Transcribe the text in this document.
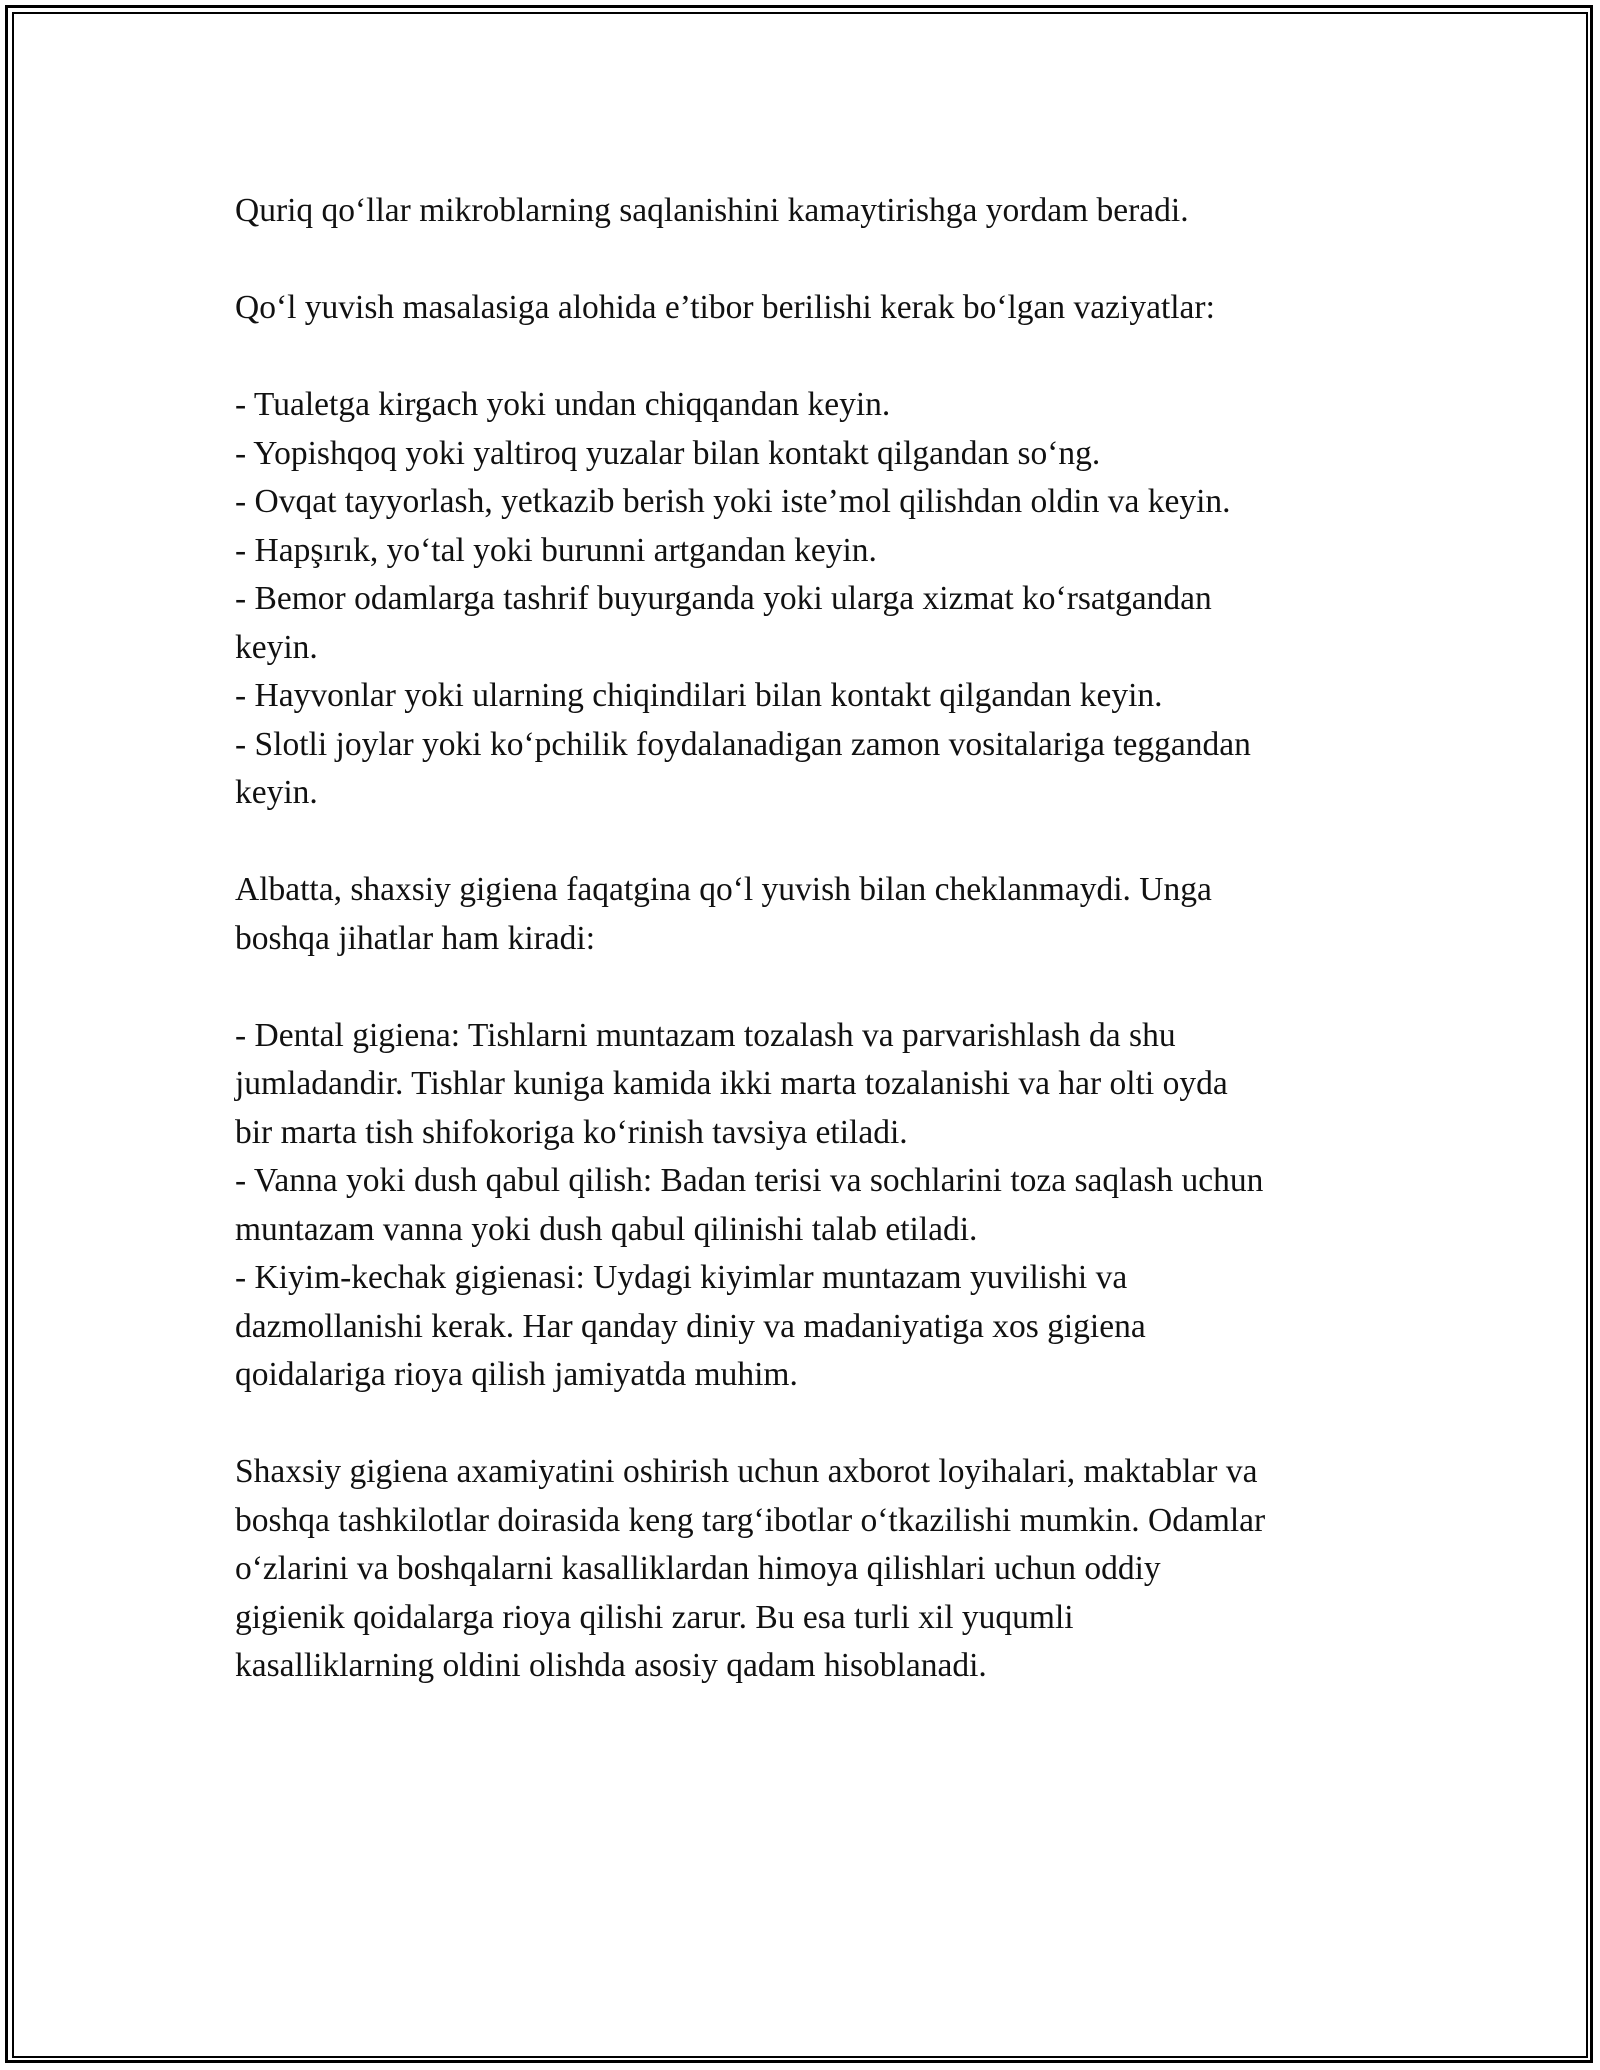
Quriq qo‘llar mikroblarning saqlanishini kamaytirishga yordam beradi.
Qo‘l yuvish masalasiga alohida e’tibor berilishi kerak bo‘lgan vaziyatlar:
- Tualetga kirgach yoki undan chiqqandan keyin.
- Yopishqoq yoki yaltiroq yuzalar bilan kontakt qilgandan so‘ng.
- Ovqat tayyorlash, yetkazib berish yoki iste’mol qilishdan oldin va keyin.
- Hapşırık, yo‘tal yoki burunni artgandan keyin.
- Bemor odamlarga tashrif buyurganda yoki ularga xizmat ko‘rsatgandan
keyin.
- Hayvonlar yoki ularning chiqindilari bilan kontakt qilgandan keyin.
- Slotli joylar yoki ko‘pchilik foydalanadigan zamon vositalariga teggandan
keyin.
Albatta, shaxsiy gigiena faqatgina qo‘l yuvish bilan cheklanmaydi. Unga
boshqa jihatlar ham kiradi:
- Dental gigiena: Tishlarni muntazam tozalash va parvarishlash da shu
jumladandir. Tishlar kuniga kamida ikki marta tozalanishi va har olti oyda
bir marta tish shifokoriga ko‘rinish tavsiya etiladi.
- Vanna yoki dush qabul qilish: Badan terisi va sochlarini toza saqlash uchun
muntazam vanna yoki dush qabul qilinishi talab etiladi.
- Kiyim-kechak gigienasi: Uydagi kiyimlar muntazam yuvilishi va
dazmollanishi kerak. Har qanday diniy va madaniyatiga xos gigiena
qoidalariga rioya qilish jamiyatda muhim.
Shaxsiy gigiena axamiyatini oshirish uchun axborot loyihalari, maktablar va
boshqa tashkilotlar doirasida keng targ‘ibotlar o‘tkazilishi mumkin. Odamlar
o‘zlarini va boshqalarni kasalliklardan himoya qilishlari uchun oddiy
gigienik qoidalarga rioya qilishi zarur. Bu esa turli xil yuqumli
kasalliklarning oldini olishda asosiy qadam hisoblanadi.
